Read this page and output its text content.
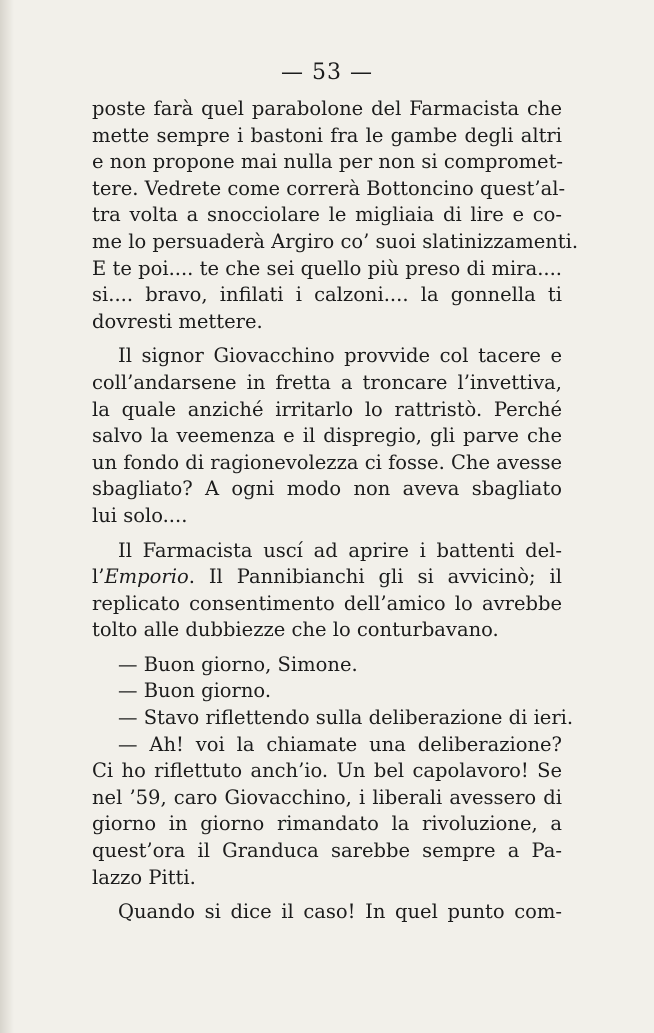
— 53 —
poste farà quel parabolone del Farmacista che
mette sempre i bastoni fra le gambe degli altri
e non propone mai nulla per non si compromet-
tere. Vedrete come correrà Bottoncino quest’al-
tra volta a snocciolare le migliaia di lire e co-
me lo persuaderà Argiro co’ suoi slatinizzamenti.
E te poi.... te che sei quello più preso di mira....
si.... bravo, infilati i calzoni.... la gonnella ti
dovresti mettere.
Il signor Giovacchino provvide col tacere e
coll’andarsene in fretta a troncare l’invettiva,
la quale anziché irritarlo lo rattristò. Perché
salvo la veemenza e il dispregio, gli parve che
un fondo di ragionevolezza ci fosse. Che avesse
sbagliato? A ogni modo non aveva sbagliato
lui solo....
Il Farmacista uscí ad aprire i battenti del-
l’Emporio. Il Pannibianchi gli si avvicinò; il
replicato consentimento dell’amico lo avrebbe
tolto alle dubbiezze che lo conturbavano.
— Buon giorno, Simone.
— Buon giorno.
— Stavo riflettendo sulla deliberazione di ieri.
— Ah! voi la chiamate una deliberazione?
Ci ho riflettuto anch’io. Un bel capolavoro! Se
nel ’59, caro Giovacchino, i liberali avessero di
giorno in giorno rimandato la rivoluzione, a
quest’ora il Granduca sarebbe sempre a Pa-
lazzo Pitti.
Quando si dice il caso! In quel punto com-
